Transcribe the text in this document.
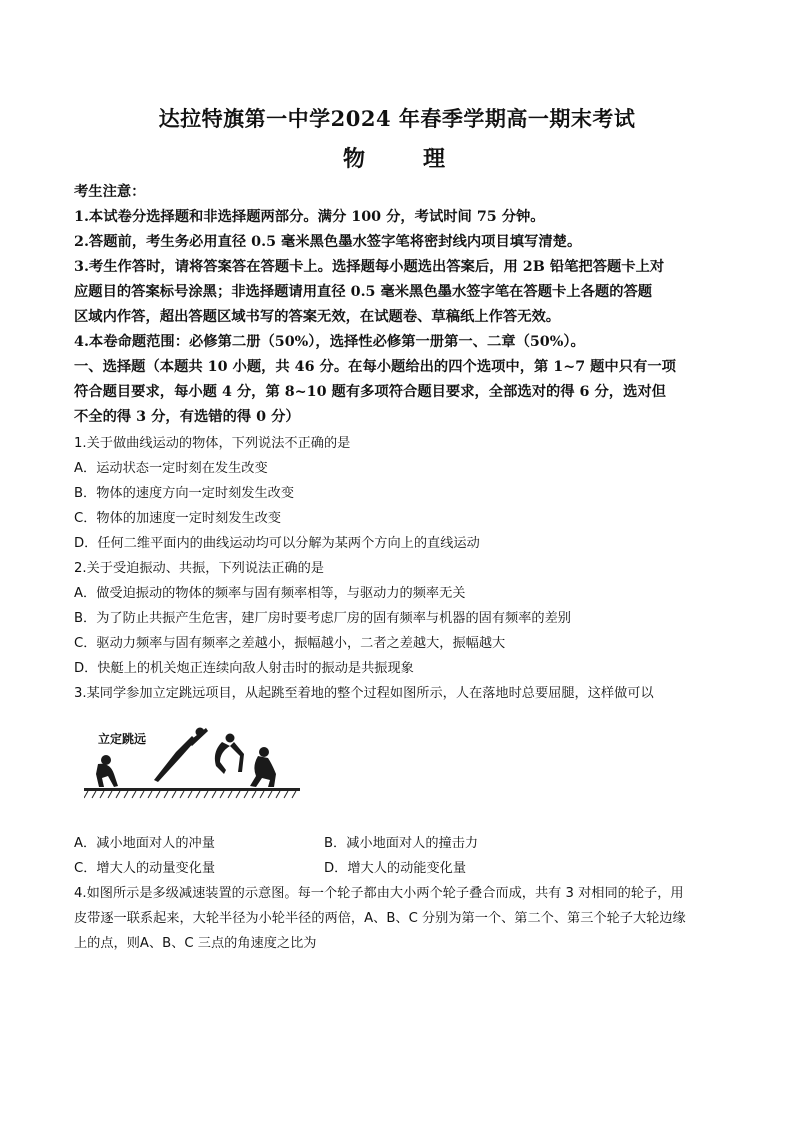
达拉特旗第一中学2024 年春季学期高一期末考试
物　理
考生注意：
1.本试卷分选择题和非选择题两部分。满分 100 分，考试时间 75 分钟。
2.答题前，考生务必用直径 0.5 毫米黑色墨水签字笔将密封线内项目填写清楚。
3.考生作答时，请将答案答在答题卡上。选择题每小题选出答案后，用 2B 铅笔把答题卡上对
应题目的答案标号涂黑；非选择题请用直径 0.5 毫米黑色墨水签字笔在答题卡上各题的答题
区域内作答，超出答题区域书写的答案无效，在试题卷、草稿纸上作答无效。
4.本卷命题范围：必修第二册（50%），选择性必修第一册第一、二章（50%）。
一、选择题（本题共 10 小题，共 46 分。在每小题给出的四个选项中，第 1~7 题中只有一项
符合题目要求，每小题 4 分，第 8~10 题有多项符合题目要求，全部选对的得 6 分，选对但
不全的得 3 分，有选错的得 0 分）
1.关于做曲线运动的物体，下列说法不正确的是
A．运动状态一定时刻在发生改变
B．物体的速度方向一定时刻发生改变
C．物体的加速度一定时刻发生改变
D．任何二维平面内的曲线运动均可以分解为某两个方向上的直线运动
2.关于受迫振动、共振，下列说法正确的是
A．做受迫振动的物体的频率与固有频率相等，与驱动力的频率无关
B．为了防止共振产生危害，建厂房时要考虑厂房的固有频率与机器的固有频率的差别
C．驱动力频率与固有频率之差越小，振幅越小，二者之差越大，振幅越大
D．快艇上的机关炮正连续向敌人射击时的振动是共振现象
3.某同学参加立定跳远项目，从起跳至着地的整个过程如图所示，人在落地时总要屈腿，这样做可以
立定跳远
A．减小地面对人的冲量	B．减小地面对人的撞击力
C．增大人的动量变化量	D．增大人的动能变化量
4.如图所示是多级减速装置的示意图。每一个轮子都由大小两个轮子叠合而成，共有 3 对相同的轮子，用
皮带逐一联系起来，大轮半径为小轮半径的两倍，A、B、C 分别为第一个、第二个、第三个轮子大轮边缘
上的点，则A、B、C 三点的角速度之比为
